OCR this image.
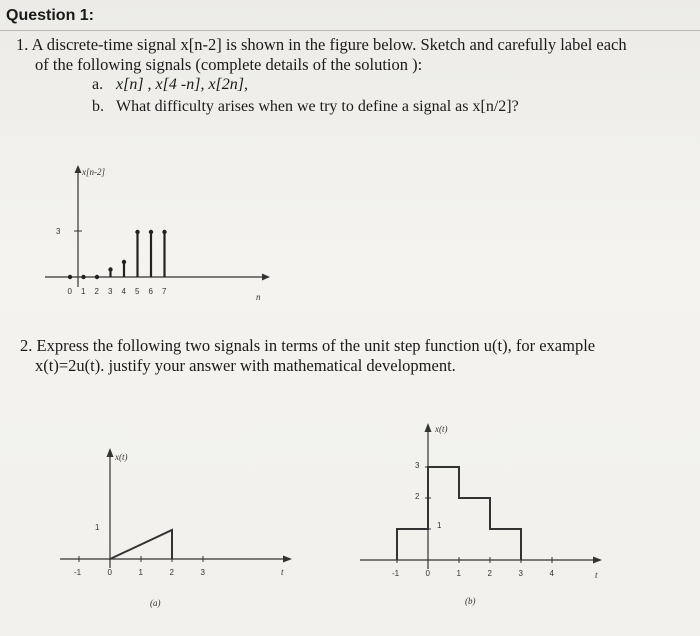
Question 1:
1. A discrete-time signal x[n-2] is shown in the figure below. Sketch and carefully label each
of the following signals (complete details of the solution ):
a. x[n] , x[4 -n], x[2n],
b. What difficulty arises when we try to define a signal as x[n/2]?
x[n-2]
3
n
0 1 2 3 4 5 6 7
2. Express the following two signals in terms of the unit step function u(t), for example
x(t)=2u(t). justify your answer with mathematical development.
x(t)
1
t
(a)
-1	0	1	2	3
x(t)
3
2
1
t
(b)
-1	0	1	2	3	4
